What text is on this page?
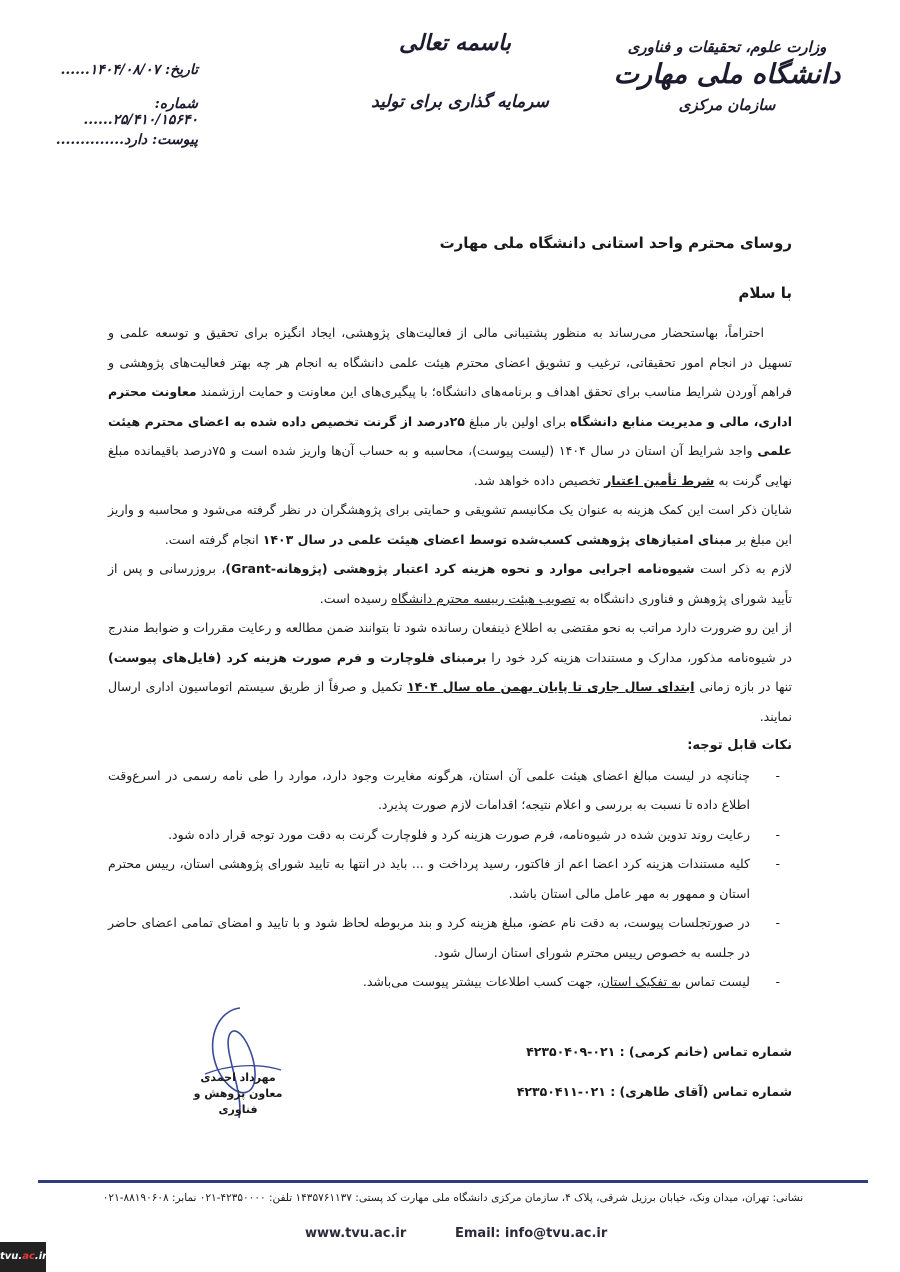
وزارت علوم، تحقیقات و فناوری
دانشگاه ملی مهارت
سازمان مرکزی
باسمه تعالی
سرمایه گذاری برای تولید
تاریخ: ۱۴۰۴/۰۸/۰۷......
شماره: ۲۵/۴۱۰/۱۵۶۴۰......
پیوست: دارد..............
روسای محترم واحد استانی دانشگاه ملی مهارت
با سلام

احتراماً، بهاستحضار می‌رساند به منظور پشتیبانی مالی از فعالیت‌های پژوهشی، ایجاد انگیزه برای تحقیق و توسعه علمی و تسهیل در انجام امور تحقیقاتی، ترغیب و تشویق اعضای محترم هیئت علمی دانشگاه به انجام هر چه بهتر فعالیت‌های پژوهشی و فراهم آوردن شرایط مناسب برای تحقق اهداف و برنامه‌های دانشگاه؛ با پیگیری‌های این معاونت و حمایت ارزشمند معاونت محترم اداری، مالی و مدیریت منابع دانشگاه برای اولین بار مبلغ ۲۵درصد از گرنت تخصیص داده شده به اعضای محترم هیئت علمی واجد شرایط آن استان در سال ۱۴۰۴ (لیست پیوست)، محاسبه و به حساب آن‌ها واریز شده است و ۷۵درصد باقیمانده مبلغ نهایی گرنت به شرط تأمین اعتبار تخصیص داده خواهد شد.

شایان ذکر است این کمک هزینه به عنوان یک مکانیسم تشویقی و حمایتی برای پژوهشگران در نظر گرفته می‌شود و محاسبه و واریز این مبلغ بر مبنای امتیازهای پژوهشی کسب‌شده توسط اعضای هیئت علمی در سال ۱۴۰۳ انجام گرفته است.

لازم به ذکر است شیوه‌نامه اجرایی موارد و نحوه هزینه کرد اعتبار پژوهشی (پژوهانه-Grant)، بروزرسانی و پس از تأیید شورای پژوهش و فناوری دانشگاه به تصویب هیئت رییسه محترم دانشگاه رسیده است.

از این رو ضرورت دارد مراتب به نحو مقتضی به اطلاع ذینفعان رسانده شود تا بتوانند ضمن مطالعه و رعایت مقررات و ضوابط مندرج در شیوه‌نامه مذکور، مدارک و مستندات هزینه کرد خود را برمبنای فلوچارت و فرم صورت هزینه کرد (فایل‌های پیوست) تنها در بازه زمانی ابتدای سال جاری تا پایان بهمن ماه سال ۱۴۰۴ تکمیل و صرفاً از طریق سیستم اتوماسیون اداری ارسال نمایند.

نکات قابل توجه:
- چنانچه در لیست مبالغ اعضای هیئت علمی آن استان، هرگونه مغایرت وجود دارد، موارد را طی نامه رسمی در اسرع‌وقت اطلاع داده تا نسبت به بررسی و اعلام نتیجه؛ اقدامات لازم صورت پذیرد.
- رعایت روند تدوین شده در شیوه‌نامه، فرم صورت هزینه کرد و فلوچارت گرنت به دقت مورد توجه قرار داده شود.
- کلیه مستندات هزینه کرد اعضا اعم از فاکتور، رسید پرداخت و ... باید در انتها به تایید شورای پژوهشی استان، رییس محترم استان و ممهور به مهر عامل مالی استان باشد.
- در صورتجلسات پیوست، به دقت نام عضو، مبلغ هزینه کرد و بند مربوطه لحاظ شود و با تایید و امضای تمامی اعضای حاضر در جلسه به خصوص رییس محترم شورای استان ارسال شود.
- لیست تماس به تفکیک استان، جهت کسب اطلاعات بیشتر پیوست می‌باشد.
شماره تماس (خانم کرمی) : ۰۲۱-۴۲۳۵۰۴۰۹
شماره تماس (آقای طاهری) : ۰۲۱-۴۲۳۵۰۴۱۱
مهرداد احمدی
معاون پژوهش و فناوری
نشانی: تهران، میدان ونک، خیابان برزیل شرقی، پلاک ۴، سازمان مرکزی دانشگاه ملی مهارت کد پستی: ۱۴۳۵۷۶۱۱۳۷ تلفن: ۴۲۳۵۰۰۰۰-۰۲۱ نمابر: ۸۸۱۹۰۶۰۸-۰۲۱
www.tvu.ac.ir	Email: info@tvu.ac.ir
tvu.ac.ir
